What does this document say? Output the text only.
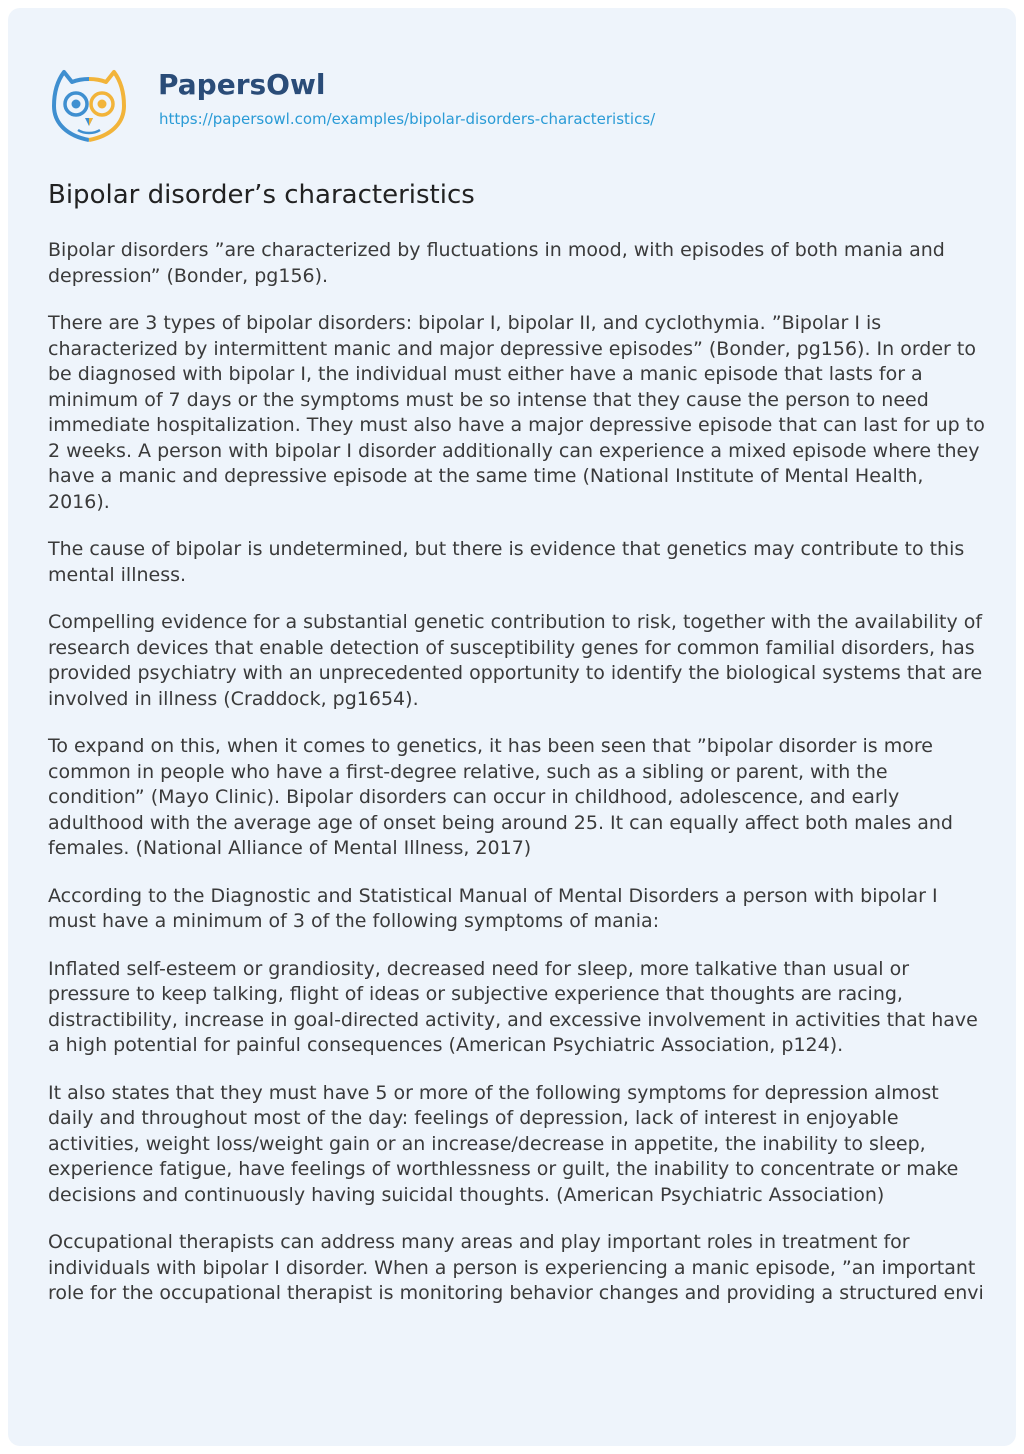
PapersOwl
https://papersowl.com/examples/bipolar-disorders-characteristics/
Bipolar disorder’s characteristics

Bipolar disorders ”are characterized by fluctuations in mood, with episodes of both mania and depression” (Bonder, pg156).

There are 3 types of bipolar disorders: bipolar I, bipolar II, and cyclothymia. ”Bipolar I is characterized by intermittent manic and major depressive episodes” (Bonder, pg156). In order to be diagnosed with bipolar I, the individual must either have a manic episode that lasts for a minimum of 7 days or the symptoms must be so intense that they cause the person to need immediate hospitalization. They must also have a major depressive episode that can last for up to 2 weeks. A person with bipolar I disorder additionally can experience a mixed episode where they have a manic and depressive episode at the same time (National Institute of Mental Health, 2016).

The cause of bipolar is undetermined, but there is evidence that genetics may contribute to this mental illness.

Compelling evidence for a substantial genetic contribution to risk, together with the availability of research devices that enable detection of susceptibility genes for common familial disorders, has provided psychiatry with an unprecedented opportunity to identify the biological systems that are involved in illness (Craddock, pg1654).

To expand on this, when it comes to genetics, it has been seen that ”bipolar disorder is more common in people who have a first-degree relative, such as a sibling or parent, with the condition” (Mayo Clinic). Bipolar disorders can occur in childhood, adolescence, and early adulthood with the average age of onset being around 25. It can equally affect both males and females. (National Alliance of Mental Illness, 2017)

According to the Diagnostic and Statistical Manual of Mental Disorders a person with bipolar I must have a minimum of 3 of the following symptoms of mania:

Inflated self-esteem or grandiosity, decreased need for sleep, more talkative than usual or pressure to keep talking, flight of ideas or subjective experience that thoughts are racing, distractibility, increase in goal-directed activity, and excessive involvement in activities that have a high potential for painful consequences (American Psychiatric Association, p124).

It also states that they must have 5 or more of the following symptoms for depression almost daily and throughout most of the day: feelings of depression, lack of interest in enjoyable activities, weight loss/weight gain or an increase/decrease in appetite, the inability to sleep, experience fatigue, have feelings of worthlessness or guilt, the inability to concentrate or make decisions and continuously having suicidal thoughts. (American Psychiatric Association)

Occupational therapists can address many areas and play important roles in treatment for individuals with bipolar I disorder. When a person is experiencing a manic episode, ”an important role for the occupational therapist is monitoring behavior changes and providing a structured envi
